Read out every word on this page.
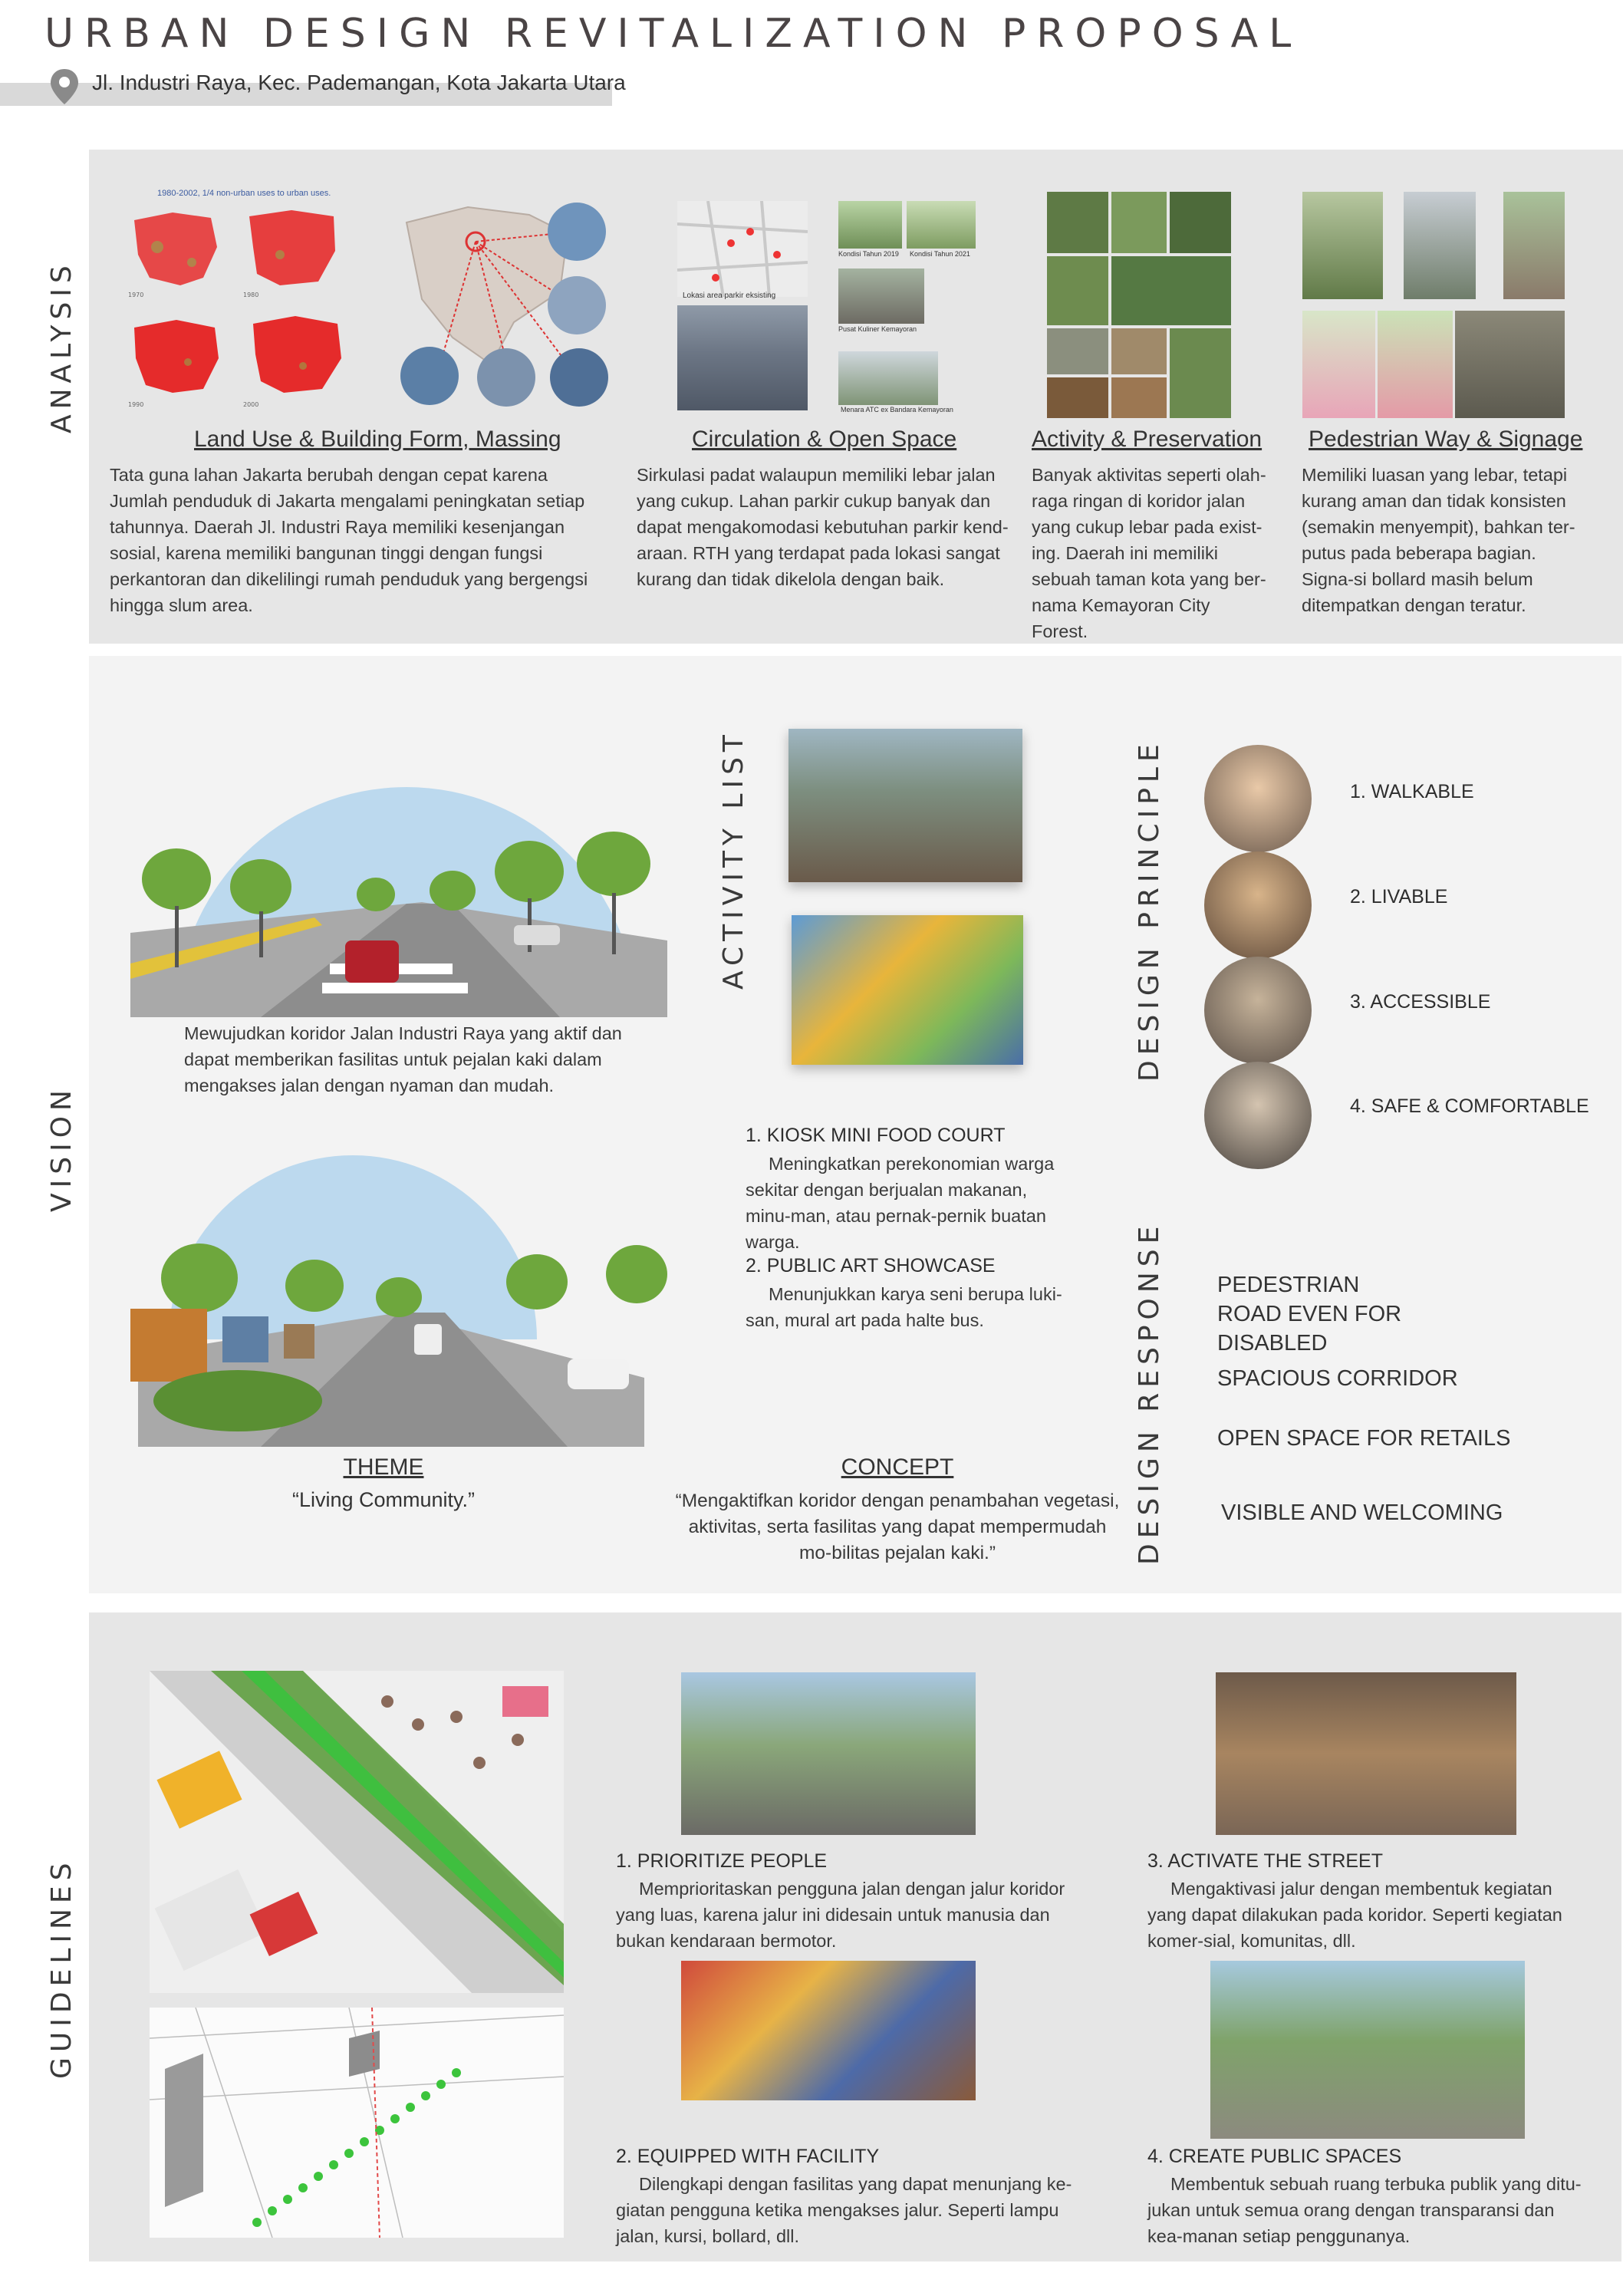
URBAN DESIGN REVITALIZATION PROPOSAL
Jl. Industri Raya, Kec. Pademangan, Kota Jakarta Utara
ANALYSIS
1980-2002, 1/4 non-urban uses to urban uses.
1970	1980
1990	2000
Lokasi area parkir eksisting
Kondisi Tahun 2019 Kondisi Tahun 2021
Pusat Kuliner Kemayoran
Menara ATC ex Bandara Kemayoran
Land Use & Building Form, Massing
Tata guna lahan Jakarta berubah dengan cepat karena Jumlah penduduk di Jakarta mengalami peningkatan setiap tahunnya. Daerah Jl. Industri Raya memiliki kesenjangan sosial, karena memiliki bangunan tinggi dengan fungsi perkantoran dan dikelilingi rumah penduduk yang bergengsi hingga slum area.
Circulation & Open Space
Sirkulasi padat walaupun memiliki lebar jalan yang cukup. Lahan parkir cukup banyak dan dapat mengakomodasi kebutuhan parkir kend-araan. RTH yang terdapat pada lokasi sangat kurang dan tidak dikelola dengan baik.
Activity & Preservation
Banyak aktivitas seperti olah-raga ringan di koridor jalan yang cukup lebar pada exist-ing. Daerah ini memiliki sebuah taman kota yang ber-nama Kemayoran City Forest.
Pedestrian Way & Signage
Memiliki luasan yang lebar, tetapi kurang aman dan tidak konsisten (semakin menyempit), bahkan ter-putus pada beberapa bagian. Signa-si bollard masih belum ditempatkan dengan teratur.
VISION
Mewujudkan koridor Jalan Industri Raya yang aktif dan dapat memberikan fasilitas untuk pejalan kaki dalam mengakses jalan dengan nyaman dan mudah.
THEME
“Living Community.”
CONCEPT
“Mengaktifkan koridor dengan penambahan vegetasi, aktivitas, serta fasilitas yang dapat mempermudah mo-bilitas pejalan kaki.”
ACTIVITY LIST
1. KIOSK MINI FOOD COURT
Meningkatkan perekonomian warga sekitar dengan berjualan makanan, minu-man, atau pernak-pernik buatan warga.
2. PUBLIC ART SHOWCASE
Menunjukkan karya seni berupa luki-san, mural art pada halte bus.
DESIGN PRINCIPLE	1. WALKABLE
2. LIVABLE
3. ACCESSIBLE
4. SAFE & COMFORTABLE
DESIGN RESPONSE PEDESTRIAN ROAD EVEN FOR DISABLED
SPACIOUS CORRIDOR
OPEN SPACE FOR RETAILS
VISIBLE AND WELCOMING
GUIDELINES	1. PRIORITIZE PEOPLE
Memprioritaskan pengguna jalan dengan jalur koridor yang luas, karena jalur ini didesain untuk manusia dan bukan kendaraan bermotor.
2. EQUIPPED WITH FACILITY
Dilengkapi dengan fasilitas yang dapat menunjang ke-giatan pengguna ketika mengakses jalur. Seperti lampu jalan, kursi, bollard, dll.
3. ACTIVATE THE STREET
Mengaktivasi jalur dengan membentuk kegiatan yang dapat dilakukan pada koridor. Seperti kegiatan komer-sial, komunitas, dll.
4. CREATE PUBLIC SPACES
Membentuk sebuah ruang terbuka publik yang ditu-jukan untuk semua orang dengan transparansi dan kea-manan setiap penggunanya.
